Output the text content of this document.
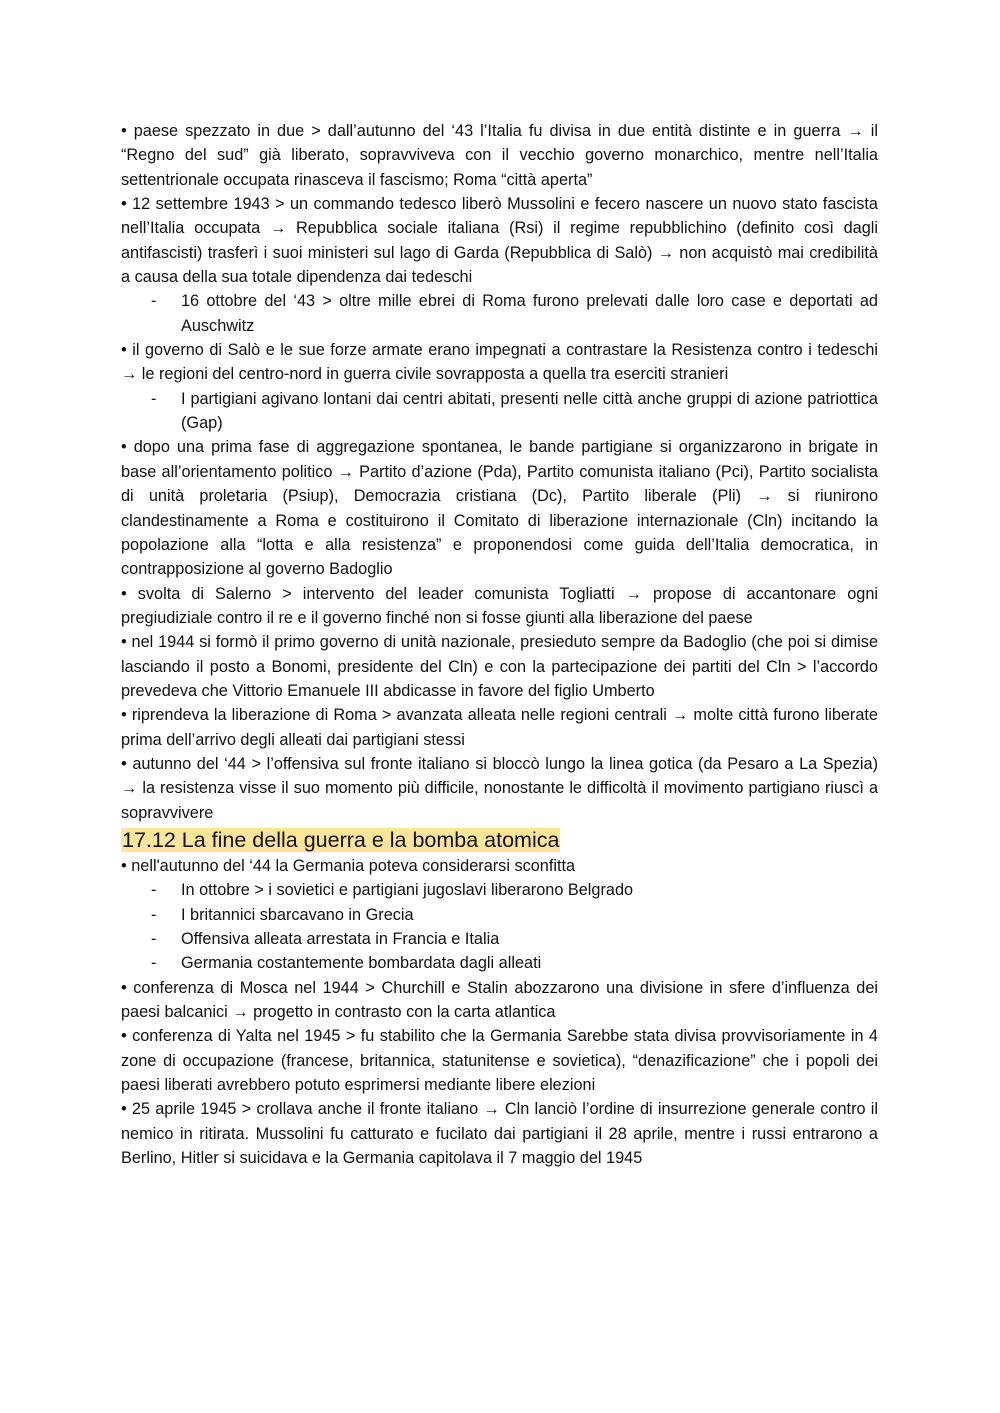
• paese spezzato in due > dall’autunno del ‘43 l’Italia fu divisa in due entità distinte e in guerra → il “Regno del sud” già liberato, sopravviveva con il vecchio governo monarchico, mentre nell’Italia settentrionale occupata rinasceva il fascismo; Roma “città aperta”

• 12 settembre 1943 > un commando tedesco liberò Mussolini e fecero nascere un nuovo stato fascista nell’Italia occupata → Repubblica sociale italiana (Rsi) il regime repubblichino (definito così dagli antifascisti) trasferì i suoi ministeri sul lago di Garda (Repubblica di Salò) → non acquistò mai credibilità a causa della sua totale dipendenza dai tedeschi

- 16 ottobre del ‘43 > oltre mille ebrei di Roma furono prelevati dalle loro case e deportati ad Auschwitz

• il governo di Salò e le sue forze armate erano impegnati a contrastare la Resistenza contro i tedeschi → le regioni del centro-nord in guerra civile sovrapposta a quella tra eserciti stranieri

- I partigiani agivano lontani dai centri abitati, presenti nelle città anche gruppi di azione patriottica (Gap)

• dopo una prima fase di aggregazione spontanea, le bande partigiane si organizzarono in brigate in base all’orientamento politico → Partito d’azione (Pda), Partito comunista italiano (Pci), Partito socialista di unità proletaria (Psiup), Democrazia cristiana (Dc), Partito liberale (Pli) → si riunirono clandestinamente a Roma e costituirono il Comitato di liberazione internazionale (Cln) incitando la popolazione alla “lotta e alla resistenza” e proponendosi come guida dell’Italia democratica, in contrapposizione al governo Badoglio

• svolta di Salerno > intervento del leader comunista Togliatti → propose di accantonare ogni pregiudiziale contro il re e il governo finché non si fosse giunti alla liberazione del paese

• nel 1944 si formò il primo governo di unità nazionale, presieduto sempre da Badoglio (che poi si dimise lasciando il posto a Bonomi, presidente del Cln) e con la partecipazione dei partiti del Cln > l’accordo prevedeva che Vittorio Emanuele III abdicasse in favore del figlio Umberto

• riprendeva la liberazione di Roma > avanzata alleata nelle regioni centrali → molte città furono liberate prima dell’arrivo degli alleati dai partigiani stessi

• autunno del ‘44 > l’offensiva sul fronte italiano si bloccò lungo la linea gotica (da Pesaro a La Spezia) → la resistenza visse il suo momento più difficile, nonostante le difficoltà il movimento partigiano riuscì a sopravvivere

17.12 La fine della guerra e la bomba atomica

• nell'autunno del ‘44 la Germania poteva considerarsi sconfitta

- In ottobre > i sovietici e partigiani jugoslavi liberarono Belgrado
- I britannici sbarcavano in Grecia
- Offensiva alleata arrestata in Francia e Italia
- Germania costantemente bombardata dagli alleati

• conferenza di Mosca nel 1944 > Churchill e Stalin abozzarono una divisione in sfere d’influenza dei paesi balcanici → progetto in contrasto con la carta atlantica

• conferenza di Yalta nel 1945 > fu stabilito che la Germania Sarebbe stata divisa provvisoriamente in 4 zone di occupazione (francese, britannica, statunitense e sovietica), “denazificazione” che i popoli dei paesi liberati avrebbero potuto esprimersi mediante libere elezioni

• 25 aprile 1945 > crollava anche il fronte italiano → Cln lanciò l’ordine di insurrezione generale contro il nemico in ritirata. Mussolini fu catturato e fucilato dai partigiani il 28 aprile, mentre i russi entrarono a Berlino, Hitler si suicidava e la Germania capitolava il 7 maggio del 1945
